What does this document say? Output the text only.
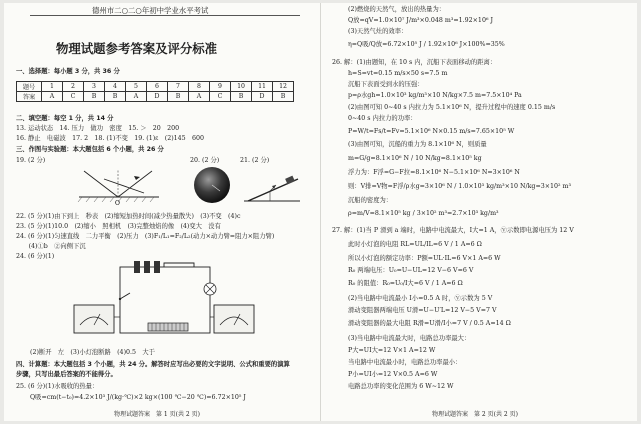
德州市二○二○年初中学业水平考试
物理试题参考答案及评分标准
一、选择题：每小题 3 分，共 36 分
题号	1	2	3	4	5	6	7	8	9	10	11	12
答案	A	C	B	B	A	D	B	A	C	B	D	B
二、填空题：每空 1 分，共 14 分
13. 运动状态　14. 压力　做功　密度　15. ＞　20　200
16. 静止　电磁波　17. 2　18. (1)不变　19. (1)ε　(2)145　600
三、作图与实验题：本大题包括 6 个小题，共 26 分
19. (2 分)	20. (2 分)
O
21. (2 分)
22. (5 分)(1)由下到上　秒表　(2)缩短加热时间(减少热量散失)　(3)不变　(4)c
23. (5 分)(1)10.0　(2)缩小　照相机　(3)完整烛焰的像　(4)变大　没有
24. (6 分)(1)匀速直线　二力平衡　(2)压力　(3)F₁/L₁=F₂/L₂(动力×动力臂=阻力×阻力臂)
　　(4)①b　②向侧下沉
24. (6 分)(1)
(2)断开　左　(3)小灯泡断路　(4)0.5　大于
四、计算题：本大题包括 3 个小题，共 24 分。解答时应写出必要的文字说明、公式和重要的演算
步骤，只写出最后答案的不能得分。
25. (6 分)(1)水吸收的热量：
Q吸=cm(t−t₀)=4.2×10³ J/(kg·℃)×2 kg×(100 ℃−20 ℃)=6.72×10⁵ J
物理试题答案　第 1 页(共 2 页)
(2)燃烧的天然气，放出的热量为：
Q放=qV=1.0×10⁷ J/m³×0.048 m³=1.92×10⁶ J
(3)天然气灶的效率：
η=Q吸/Q放=6.72×10⁵ J / 1.92×10⁶ J×100%=35%
26. 解：(1)由题知，在 10 s 内，沉船下表面移动的距离：
h=S=vt=0.15 m/s×50 s=7.5 m
沉船下表面受到水的压强：
p=ρ水gh=1.0×10³ kg/m³×10 N/kg×7.5 m=7.5×10⁴ Pa
(2)由图可知 0~40 s 内拉力为 5.1×10⁶ N，提升过程中的速度 0.15 m/s
0~40 s 内拉力的功率：
P=W/t=Fs/t=Fv=5.1×10⁶ N×0.15 m/s=7.65×10⁵ W
(3)由图可知，沉船的重力为 8.1×10⁶ N，则质量
m=G/g=8.1×10⁶ N / 10 N/kg=8.1×10⁵ kg
浮力为：F浮=G−F拉=8.1×10⁶ N−5.1×10⁶ N=3×10⁶ N
则：V排=V物=F浮/ρ水g=3×10⁶ N / 1.0×10³ kg/m³×10 N/kg=3×10² m³
沉船的密度为：
ρ=m/V=8.1×10⁵ kg / 3×10² m³=2.7×10³ kg/m³
27. 解：(1)当 P 滑到 a 端时，电路中电流最大，I大=1 A，Ⓥ示数即电源电压为 12 V
此时小灯泡的电阻 RL=UL/IL=6 V / 1 A=6 Ω
所以小灯泡的额定功率：P额=UL·IL=6 V×1 A=6 W
R₀ 两端电压：U₀=U−UL=12 V−6 V=6 V
R₀ 的阻值：R₀=U₀/I大=6 V / 1 A=6 Ω
(2)当电路中电流最小 I小=0.5 A 时，Ⓥ示数为 5 V
滑动变阻器两端电压 U滑=U−U′L=12 V−5 V=7 V
滑动变阻器的最大电阻 R滑=U滑/I小=7 V / 0.5 A=14 Ω
(3)当电路中电流最大时，电路总功率最大：
P大=UI大=12 V×1 A=12 W
当电路中电流最小时，电路总功率最小：
P小=UI小=12 V×0.5 A=6 W
电路总功率的变化范围为 6 W~12 W
物理试题答案　第 2 页(共 2 页)
